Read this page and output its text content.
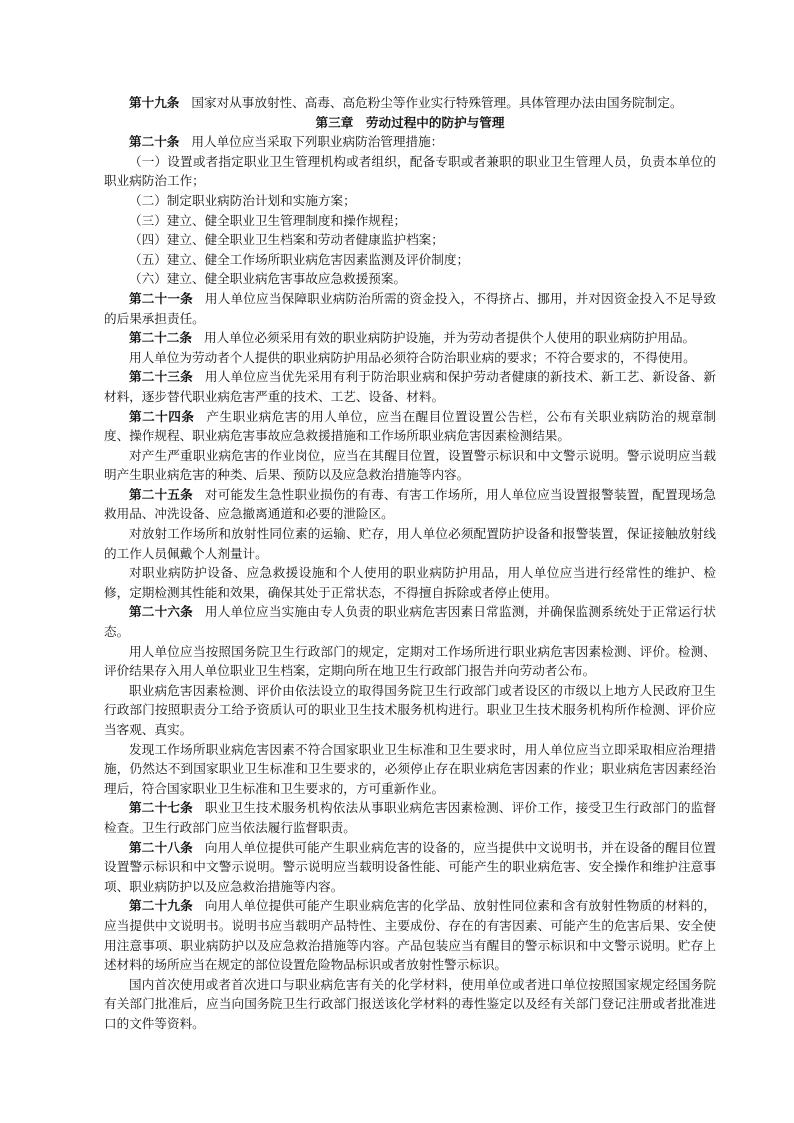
第十九条 国家对从事放射性、高毒、高危粉尘等作业实行特殊管理。具体管理办法由国务院制定。

第三章　劳动过程中的防护与管理

第二十条 用人单位应当采取下列职业病防治管理措施：

（一）设置或者指定职业卫生管理机构或者组织，配备专职或者兼职的职业卫生管理人员，负责本单位的职业病防治工作；

（二）制定职业病防治计划和实施方案；

（三）建立、健全职业卫生管理制度和操作规程；

（四）建立、健全职业卫生档案和劳动者健康监护档案；

（五）建立、健全工作场所职业病危害因素监测及评价制度；

（六）建立、健全职业病危害事故应急救援预案。

第二十一条 用人单位应当保障职业病防治所需的资金投入，不得挤占、挪用，并对因资金投入不足导致的后果承担责任。

第二十二条 用人单位必须采用有效的职业病防护设施，并为劳动者提供个人使用的职业病防护用品。

用人单位为劳动者个人提供的职业病防护用品必须符合防治职业病的要求；不符合要求的，不得使用。

第二十三条 用人单位应当优先采用有利于防治职业病和保护劳动者健康的新技术、新工艺、新设备、新材料，逐步替代职业病危害严重的技术、工艺、设备、材料。

第二十四条 产生职业病危害的用人单位，应当在醒目位置设置公告栏，公布有关职业病防治的规章制度、操作规程、职业病危害事故应急救援措施和工作场所职业病危害因素检测结果。

对产生严重职业病危害的作业岗位，应当在其醒目位置，设置警示标识和中文警示说明。警示说明应当载明产生职业病危害的种类、后果、预防以及应急救治措施等内容。

第二十五条 对可能发生急性职业损伤的有毒、有害工作场所，用人单位应当设置报警装置，配置现场急救用品、冲洗设备、应急撤离通道和必要的泄险区。

对放射工作场所和放射性同位素的运输、贮存，用人单位必须配置防护设备和报警装置，保证接触放射线的工作人员佩戴个人剂量计。

对职业病防护设备、应急救援设施和个人使用的职业病防护用品，用人单位应当进行经常性的维护、检修，定期检测其性能和效果，确保其处于正常状态，不得擅自拆除或者停止使用。

第二十六条 用人单位应当实施由专人负责的职业病危害因素日常监测，并确保监测系统处于正常运行状态。

用人单位应当按照国务院卫生行政部门的规定，定期对工作场所进行职业病危害因素检测、评价。检测、评价结果存入用人单位职业卫生档案，定期向所在地卫生行政部门报告并向劳动者公布。

职业病危害因素检测、评价由依法设立的取得国务院卫生行政部门或者设区的市级以上地方人民政府卫生行政部门按照职责分工给予资质认可的职业卫生技术服务机构进行。职业卫生技术服务机构所作检测、评价应当客观、真实。

发现工作场所职业病危害因素不符合国家职业卫生标准和卫生要求时，用人单位应当立即采取相应治理措施，仍然达不到国家职业卫生标准和卫生要求的，必须停止存在职业病危害因素的作业；职业病危害因素经治理后，符合国家职业卫生标准和卫生要求的，方可重新作业。

第二十七条 职业卫生技术服务机构依法从事职业病危害因素检测、评价工作，接受卫生行政部门的监督检查。卫生行政部门应当依法履行监督职责。

第二十八条 向用人单位提供可能产生职业病危害的设备的，应当提供中文说明书，并在设备的醒目位置设置警示标识和中文警示说明。警示说明应当载明设备性能、可能产生的职业病危害、安全操作和维护注意事项、职业病防护以及应急救治措施等内容。

第二十九条 向用人单位提供可能产生职业病危害的化学品、放射性同位素和含有放射性物质的材料的，应当提供中文说明书。说明书应当载明产品特性、主要成份、存在的有害因素、可能产生的危害后果、安全使用注意事项、职业病防护以及应急救治措施等内容。产品包装应当有醒目的警示标识和中文警示说明。贮存上述材料的场所应当在规定的部位设置危险物品标识或者放射性警示标识。

国内首次使用或者首次进口与职业病危害有关的化学材料，使用单位或者进口单位按照国家规定经国务院有关部门批准后，应当向国务院卫生行政部门报送该化学材料的毒性鉴定以及经有关部门登记注册或者批准进口的文件等资料。
